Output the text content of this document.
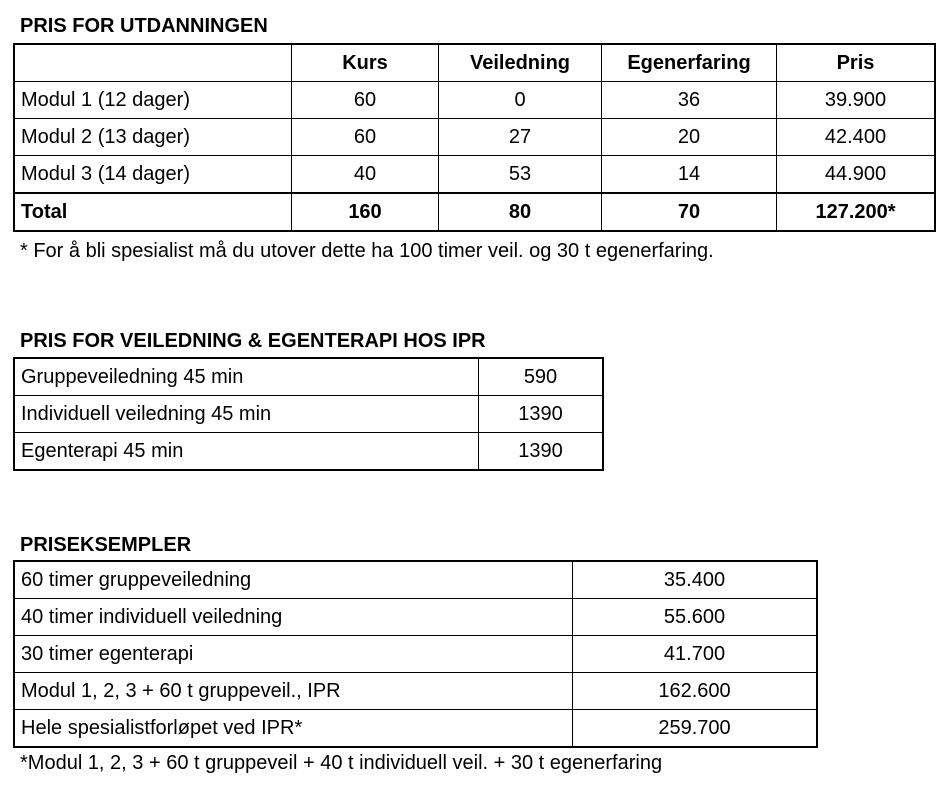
PRIS FOR UTDANNINGEN
	Kurs	Veiledning	Egenerfaring	Pris
Modul 1 (12 dager)	60	0	36	39.900
Modul 2 (13 dager)	60	27	20	42.400
Modul 3 (14 dager)	40	53	14	44.900
Total	160	80	70	127.200*
* For å bli spesialist må du utover dette ha 100 timer veil. og 30 t egenerfaring.
PRIS FOR VEILEDNING & EGENTERAPI HOS IPR
Gruppeveiledning 45 min	590
Individuell veiledning 45 min	1390
Egenterapi 45 min	1390
PRISEKSEMPLER
60 timer gruppeveiledning	35.400
40 timer individuell veiledning	55.600
30 timer egenterapi	41.700
Modul 1, 2, 3 + 60 t gruppeveil., IPR	162.600
Hele spesialistforløpet ved IPR*	259.700
*Modul 1, 2, 3 + 60 t gruppeveil + 40 t individuell veil. + 30 t egenerfaring
